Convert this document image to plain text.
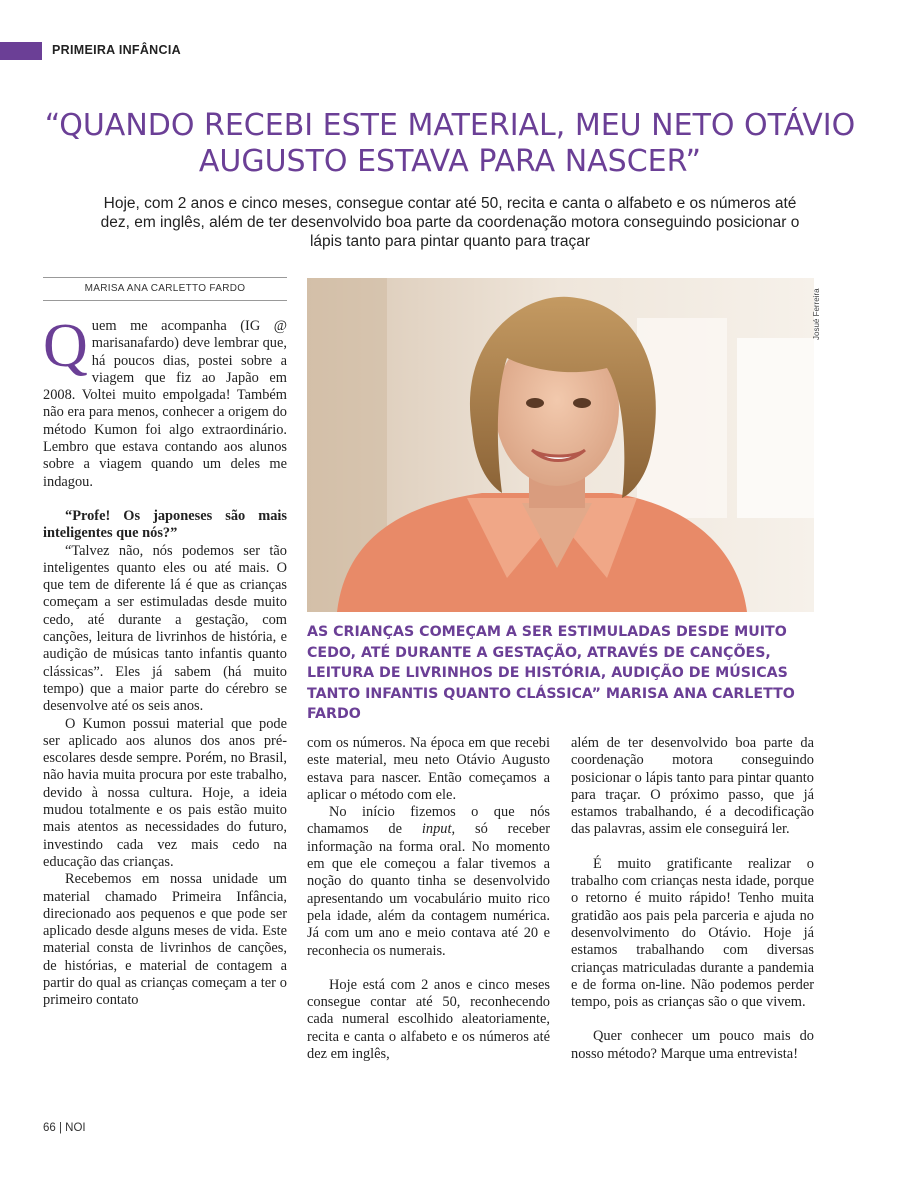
PRIMEIRA INFÂNCIA
“QUANDO RECEBI ESTE MATERIAL, MEU NETO OTÁVIO AUGUSTO ESTAVA PARA NASCER”

Hoje, com 2 anos e cinco meses, consegue contar até 50, recita e canta o alfabeto e os números até dez, em inglês, além de ter desenvolvido boa parte da coordenação motora conseguindo posicionar o lápis tanto para pintar quanto para traçar

MARISA ANA CARLETTO FARDO

Quem me acompanha (IG @ marisanafardo) deve lembrar que, há poucos dias, postei sobre a viagem que fiz ao Japão em 2008. Voltei muito empolgada! Também não era para menos, conhecer a origem do método Kumon foi algo extraordinário. Lembro que estava contando aos alunos sobre a viagem quando um deles me indagou.

“Profe! Os japoneses são mais inteligentes que nós?”

“Talvez não, nós podemos ser tão inteligentes quanto eles ou até mais. O que tem de diferente lá é que as crianças começam a ser estimuladas desde muito cedo, até durante a gestação, com canções, leitura de livrinhos de história, e audição de músicas tanto infantis quanto clássicas”. Eles já sabem (há muito tempo) que a maior parte do cérebro se desenvolve até os seis anos.

O Kumon possui material que pode ser aplicado aos alunos dos anos pré-escolares desde sempre. Porém, no Brasil, não havia muita procura por este trabalho, devido à nossa cultura. Hoje, a ideia mudou totalmente e os pais estão muito mais atentos as necessidades do futuro, investindo cada vez mais cedo na educação das crianças.

Recebemos em nossa unidade um material chamado Primeira Infância, direcionado aos pequenos e que pode ser aplicado desde alguns meses de vida. Este material consta de livrinhos de canções, de histórias, e material de contagem a partir do qual as crianças começam a ter o primeiro contato

Josué Ferreira

AS CRIANÇAS COMEÇAM A SER ESTIMULADAS DESDE MUITO CEDO, ATÉ DURANTE A GESTAÇÃO, ATRAVÉS DE CANÇÕES, LEITURA DE LIVRINHOS DE HISTÓRIA, AUDIÇÃO DE MÚSICAS TANTO INFANTIS QUANTO CLÁSSICA” MARISA ANA CARLETTO FARDO

com os números. Na época em que recebi este material, meu neto Otávio Augusto estava para nascer. Então começamos a aplicar o método com ele.

No início fizemos o que nós chamamos de input, só receber informação na forma oral. No momento em que ele começou a falar tivemos a noção do quanto tinha se desenvolvido apresentando um vocabulário muito rico pela idade, além da contagem numérica. Já com um ano e meio contava até 20 e reconhecia os numerais.

Hoje está com 2 anos e cinco meses consegue contar até 50, reconhecendo cada numeral escolhido aleatoriamente, recita e canta o alfabeto e os números até dez em inglês,

além de ter desenvolvido boa parte da coordenação motora conseguindo posicionar o lápis tanto para pintar quanto para traçar. O próximo passo, que já estamos trabalhando, é a decodificação das palavras, assim ele conseguirá ler.

É muito gratificante realizar o trabalho com crianças nesta idade, porque o retorno é muito rápido! Tenho muita gratidão aos pais pela parceria e ajuda no desenvolvimento do Otávio. Hoje já estamos trabalhando com diversas crianças matriculadas durante a pandemia e de forma on-line. Não podemos perder tempo, pois as crianças são o que vivem.

Quer conhecer um pouco mais do nosso método? Marque uma entrevista!

66 | NOI
